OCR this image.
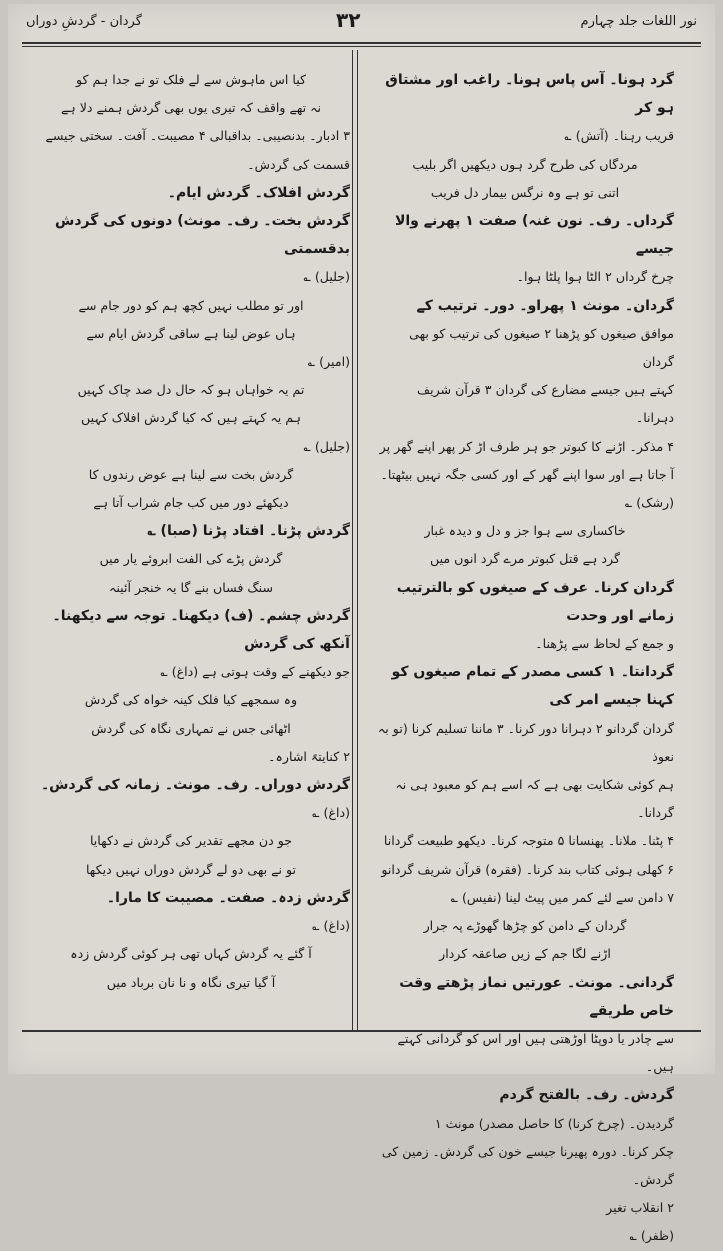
گردان - گردشِ دوراں	۳۲	نور اللغات جلد چہارم
گرد ہونا۔ آس پاس ہونا۔ راغب اور مشتاق ہو کر
قریب رہنا۔ (آتش) ؎
مردگاں کی طرح گرد ہوں دیکھیں اگر بلیب
اتنی تو ہے وہ نرگس بیمار دل فریب
گرداں۔ رف۔ نون غنہ) صفت ۱ پھرنے والا جیسے
چرخ گرداں ۲ الٹا ہوا پلٹا ہوا۔
گردان۔ مونث ۱ پھراو۔ دور۔ ترتیب کے
موافق صیغوں کو پڑھنا ۲ صیغوں کی ترتیب کو بھی گردان
کہتے ہیں جیسے مضارع کی گردان ۳ قرآن شریف دہرانا۔
۴ مذکر۔ اڑنے کا کبوتر جو ہر طرف اڑ کر پھر اپنے گھر پر
آ جاتا ہے اور سوا اپنے گھر کے اور کسی جگہ نہیں بیٹھتا۔
(رشک) ؎
خاکساری سے ہوا جز و دل و دیدہ غبار
گرد ہے قتل کبوتر مرے گرد انوں میں
گردان کرنا۔ عرف کے صیغوں کو بالترتیب زمانے اور وحدت
و جمع کے لحاظ سے پڑھنا۔
گردانتا۔ ۱ کسی مصدر کے تمام صیغوں کو کہنا جیسے امر کی
گردان گردانو ۲ دہرانا دور کرنا۔ ۳ ماننا تسلیم کرنا (تو بہ نعوذ
ہم کوئی شکایت بھی ہے کہ اسے ہم کو معبود ہی نہ گردانا۔
۴ پٹنا۔ ملانا۔ پھنسانا ۵ متوجہ کرنا۔ دیکھو طبیعت گردانا
۶ کھلی ہوئی کتاب بند کرنا۔ (فقرہ) قرآن شریف گردانو
۷ دامن سے لئے کمر میں پیٹ لینا (نفیس) ؎
گردان کے دامن کو چڑھا گھوڑے پہ جرار
اڑنے لگا جم کے زیں صاعقہ کردار
گردانی۔ مونث۔ عورتیں نماز پڑھتے وقت خاص طریقے
سے چادر یا دوپٹا اوڑھتی ہیں اور اس کو گردانی کہتے ہیں۔
گردش۔ رف۔ بالفتح گردم
گردیدن۔ (چرخ کرنا) کا حاصل مصدر) مونث ۱
چکر کرنا۔ دورہ پھیرنا جیسے خون کی گردش۔ زمین کی گردش۔
۲ انقلاب تغیر
(ظفر) ؎
کیا اس ماہوش سے لے فلک تو نے جدا ہم کو
نہ تھے واقف کہ تیری یوں بھی گردش ہمنے دلا ہے
۳ ادبار۔ بدنصیبی۔ بداقبالی ۴ مصیبت۔ آفت۔ سختی جیسے
قسمت کی گردش۔
گردش افلاک۔ گردش ایام۔
گردش بخت۔ رف۔ مونث) دونوں کی گردش بدقسمتی
(جلیل) ؎
اور تو مطلب نہیں کچھ ہم کو دور جام سے
ہاں عوض لینا ہے ساقی گردش ایام سے
(امیر) ؎
تم یہ خواہاں ہو کہ حال دل صد چاک کہیں
ہم یہ کہتے ہیں کہ کیا گردش افلاک کہیں
(جلیل) ؎
گردش بخت سے لینا ہے عوض رندوں کا
دیکھئے دور میں کب جام شراب آتا ہے
گردش پڑنا۔ افتاد پڑنا (صبا) ؎
گردش پڑے کی الفت ابروئے یار میں
سنگ فساں بنے گا یہ خنجر آئینہ
گردش چشم۔ (ف) دیکھنا۔ توجہ سے دیکھنا۔ آنکھ کی گردش
جو دیکھنے کے وقت ہوتی ہے (داغ) ؎
وہ سمجھے کیا فلک کینہ خواہ کی گردش
اٹھائی جس نے تمہاری نگاہ کی گردش
۲ کنایتہً اشارہ۔
گردش دوراں۔ رف۔ مونث۔ زمانہ کی گردش۔
(داغ) ؎
جو دن مجھے تقدیر کی گردش نے دکھایا
تو نے بھی دو لے گردش دوراں نہیں دیکھا
گردش زدہ۔ صفت۔ مصیبت کا مارا۔
(داغ) ؎
آ گئے یہ گردش کہاں تھی ہر کوئی گردش زدہ
آ گیا تیری نگاہ و نا نان برباد میں
